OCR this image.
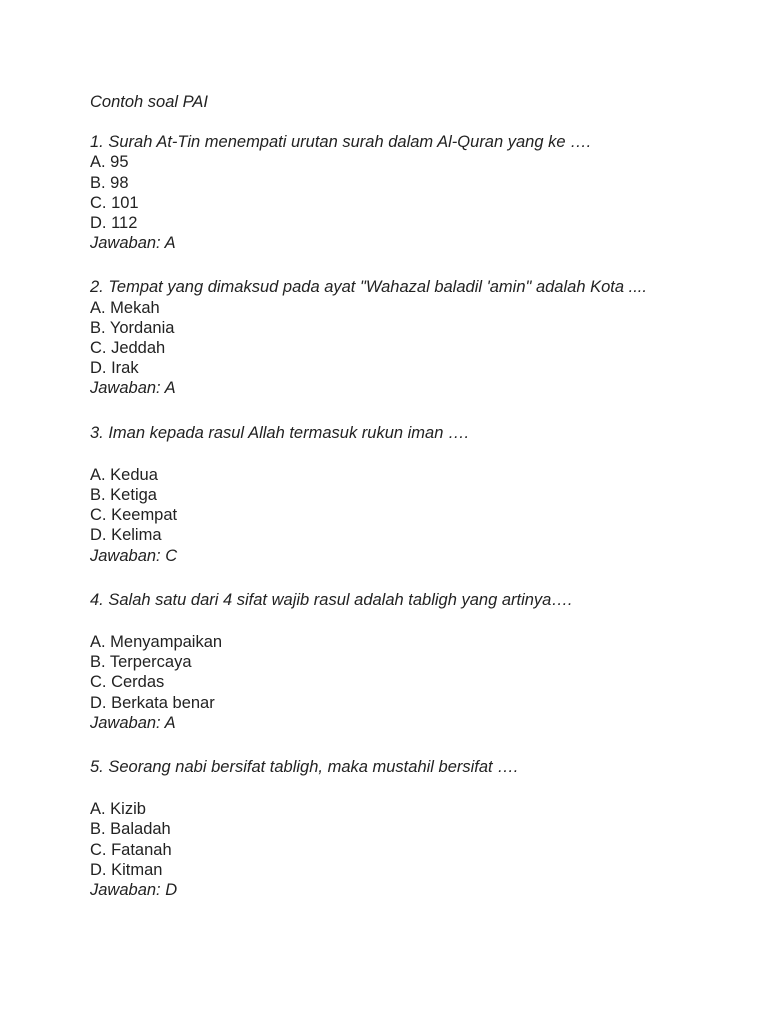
Contoh soal PAI
1. Surah At-Tin menempati urutan surah dalam Al-Quran yang ke ….
A. 95
B. 98
C. 101
D. 112
Jawaban: A
2. Tempat yang dimaksud pada ayat "Wahazal baladil 'amin" adalah Kota ....
A. Mekah
B. Yordania
C. Jeddah
D. Irak
Jawaban: A
3. Iman kepada rasul Allah termasuk rukun iman ….
A. Kedua
B. Ketiga
C. Keempat
D. Kelima
Jawaban: C
4. Salah satu dari 4 sifat wajib rasul adalah tabligh yang artinya….
A. Menyampaikan
B. Terpercaya
C. Cerdas
D. Berkata benar
Jawaban: A
5. Seorang nabi bersifat tabligh, maka mustahil bersifat ….
A. Kizib
B. Baladah
C. Fatanah
D. Kitman
Jawaban: D
